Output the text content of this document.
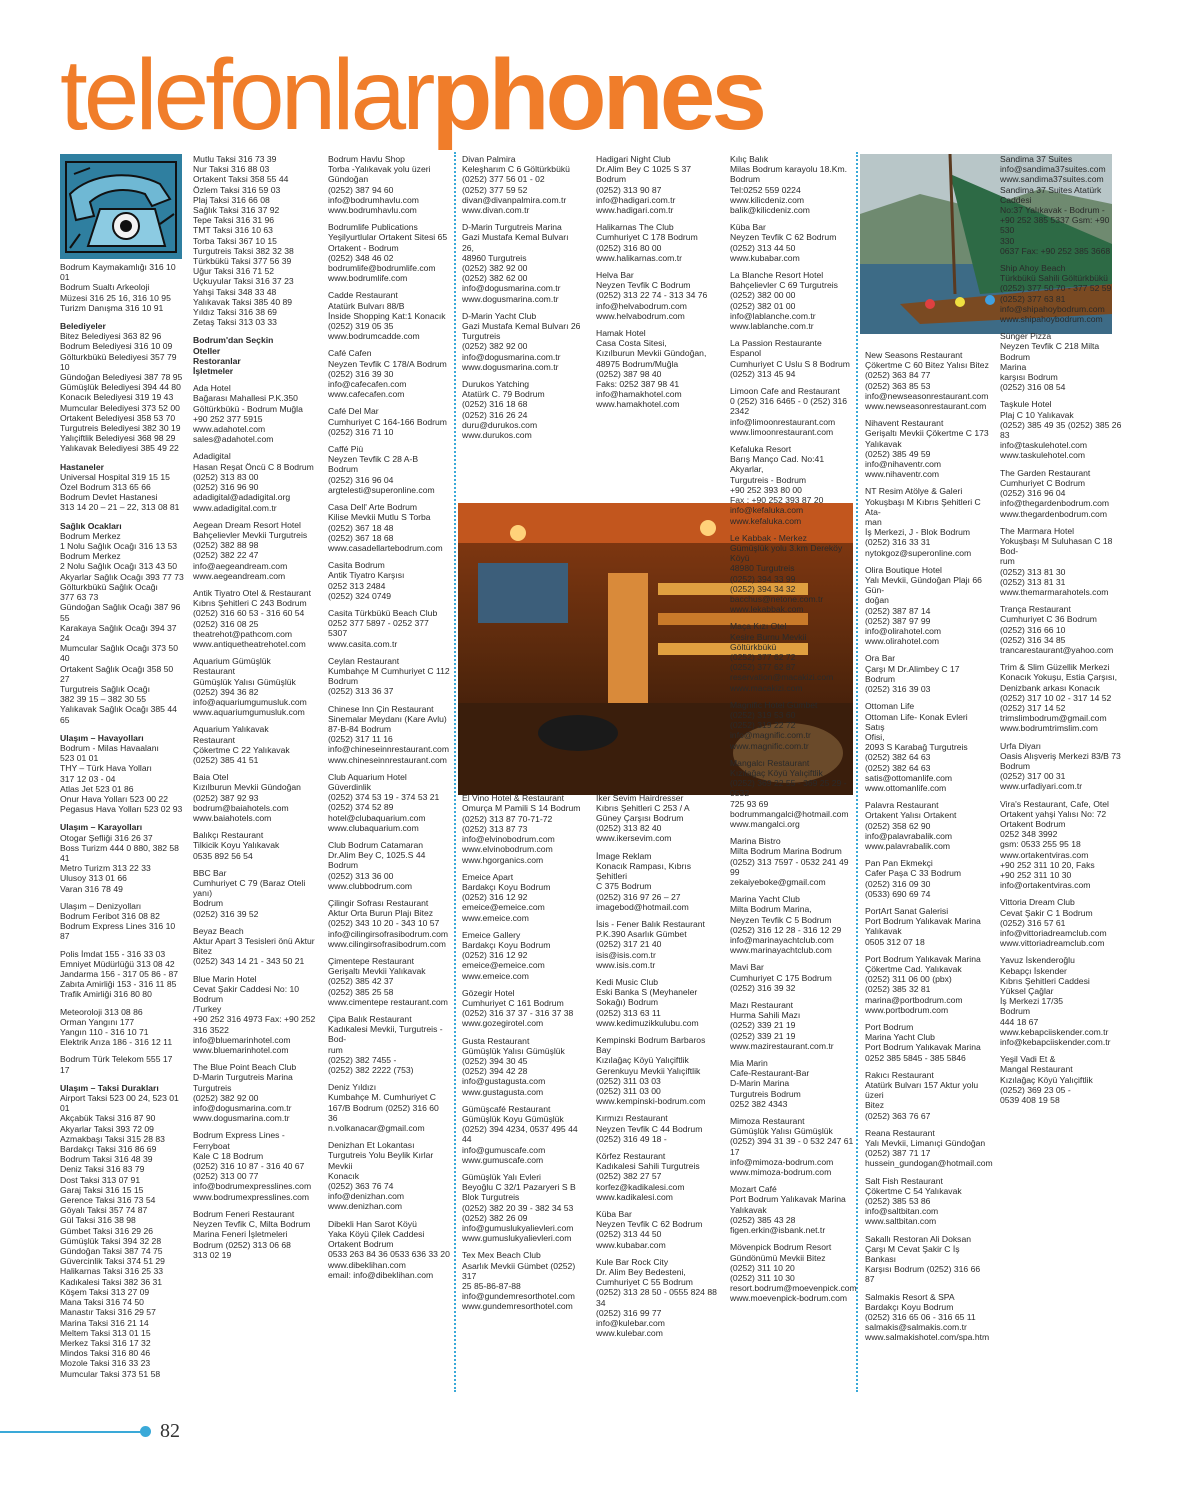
telefonlarphones
Bodrum Kaymakamlığı 316 10 01
Bodrum Sualtı Arkeoloji
Müzesi 316 25 16, 316 10 95
Turizm Danışma 316 10 91
Belediyeler
Bitez Belediyesi 363 82 96
Bodrum Belediyesi 316 10 09
Gölturkbükü Belediyesi 357 79 10
Gündoğan Belediyesi 387 78 95
Gümüşlük Belediyesi 394 44 80
Konacık Belediyesi 319 19 43
Mumcular Belediyesi 373 52 00
Ortakent Belediyesi 358 53 70
Turgutreis Belediyesi 382 30 19
Yalıçiftlik Belediyesi 368 98 29
Yalıkavak Belediyesi 385 49 22
Hastaneler
Universal Hospital 319 15 15
Özel Bodrum 313 65 66
Bodrum Devlet Hastanesi
313 14 20 – 21 – 22, 313 08 81
Sağlık Ocakları
Bodrum Merkez
1 Nolu Sağlık Ocağı 316 13 53
Bodrum Merkez
2 Nolu Sağlık Ocağı 313 43 50
Akyarlar Sağlık Ocağı 393 77 73
Gölturkbükü Sağlık Ocağı
377 63 73
Gündoğan Sağlık Ocağı 387 96 55
Karakaya Sağlık Ocağı 394 37 24
Mumcular Sağlık Ocağı 373 50 40
Ortakent Sağlık Ocağı 358 50 27
Turgutreis Sağlık Ocağı
382 39 15 – 382 30 55
Yalıkavak Sağlık Ocağı 385 44 65
Ulaşım – Havayolları
Bodrum - Milas Havaalanı
523 01 01
THY – Türk Hava Yolları
317 12 03 - 04
Atlas Jet 523 01 86
Onur Hava Yolları 523 00 22
Pegasus Hava Yolları 523 02 93
Ulaşım – Karayolları
Otogar Şefliği 316 26 37
Boss Turizm 444 0 880, 382 58 41
Metro Turizm 313 22 33
Ulusoy 313 01 66
Varan 316 78 49
Ulaşım – Denizyolları
Bodrum Feribot 316 08 82
Bodrum Express Lines 316 10 87
Polis İmdat 155 - 316 33 03
Emniyet Müdürlüğü 313 08 42
Jandarma 156 - 317 05 86 - 87
Zabıta Amirliği 153 - 316 11 85
Trafik Amirliği 316 80 80
Meteoroloji 313 08 86
Orman Yangını 177
Yangın 110 - 316 10 71
Elektrik Arıza 186 - 316 12 11
Bodrum Türk Telekom 555 17 17
Ulaşım – Taksi Durakları
Airport Taksi 523 00 24, 523 01 01
Akçabük Taksi 316 87 90
Akyarlar Taksi 393 72 09
Azmakbaşı Taksi 315 28 83
Bardakçı Taksi 316 86 69
Bodrum Taksi 316 48 39
Deniz Taksi 316 83 79
Dost Taksi 313 07 91
Garaj Taksi 316 15 15
Gerence Taksi 316 73 54
Göyalı Taksi 357 74 87
Gül Taksi 316 38 98
Gümbet Taksi 316 29 26
Gümüşlük Taksi 394 32 28
Gündoğan Taksi 387 74 75
Güvercinlik Taksi 374 51 29
Halikarnas Taksi 316 25 33
Kadıkalesi Taksi 382 36 31
Köşem Taksi 313 27 09
Mana Taksi 316 74 50
Manastır Taksi 316 29 57
Marina Taksi 316 21 14
Meltem Taksi 313 01 15
Merkez Taksi 316 17 32
Mindos Taksi 316 80 46
Mozole Taksi 316 33 23
Mumcular Taksi 373 51 58
Mutlu Taksi 316 73 39
Nur Taksi 316 88 03
Ortakent Taksi 358 55 44
Özlem Taksi 316 59 03
Plaj Taksi 316 66 08
Sağlık Taksi 316 37 92
Tepe Taksi 316 31 96
TMT Taksi 316 10 63
Torba Taksi 367 10 15
Turgutreis Taksi 382 32 38
Türkbükü Taksi 377 56 39
Uğur Taksi 316 71 52
Uçkuyular Taksi 316 37 23
Yahşi Taksi 348 33 48
Yalıkavak Taksi 385 40 89
Yıldız Taksi 316 38 69
Zetaş Taksi 313 03 33
Bodrum'dan Seçkin
Oteller
Restoranlar
İşletmeler
Ada Hotel
Bağarası Mahallesi P.K.350
Göltürkbükü - Bodrum Muğla
+90 252 377 5915
www.adahotel.com
sales@adahotel.com
Adadigital
Hasan Reşat Öncü C 8 Bodrum
(0252) 313 83 00
(0252) 316 96 90
adadigital@adadigital.org
www.adadigital.com.tr
Aegean Dream Resort Hotel
Bahçelievler Mevkii Turgutreis
(0252) 382 88 98
(0252) 382 22 47
info@aegeandream.com
www.aegeandream.com
Antik Tiyatro Otel & Restaurant
Kıbrıs Şehitleri C 243 Bodrum
(0252) 316 60 53 - 316 60 54
(0252) 316 08 25
theatrehot@pathcom.com
www.antiquetheatrehotel.com
Aquarium Gümüşlük
Restaurant
Gümüşlük Yalısı Gümüşlük
(0252) 394 36 82
info@aquariumgumusluk.com
www.aquariumgumusluk.com
Aquarium Yalıkavak
Restaurant
Çökertme C 22 Yalıkavak
(0252) 385 41 51
Baia Otel
Kızılburun Mevkii Gündoğan
(0252) 387 92 93
bodrum@baiahotels.com
www.baiahotels.com
Balıkçı Restaurant
Tilkicik Koyu Yalıkavak
0535 892 56 54
BBC Bar
Cumhuriyet C 79 (Baraz Oteli yanı)
Bodrum
(0252) 316 39 52
Beyaz Beach
Aktur Apart 3 Tesisleri önü Aktur
Bitez
(0252) 343 14 21 - 343 50 21
Blue Marin Hotel
Cevat Şakir Caddesi No: 10 Bodrum
/Turkey
+90 252 316 4973 Fax: +90 252
316 3522
info@bluemarinhotel.com
www.bluemarinhotel.com
The Blue Point Beach Club
D-Marin Turgutreis Marina
Turgutreis
(0252) 382 92 00
info@dogusmarina.com.tr
www.dogusmarina.com.tr
Bodrum Express Lines -
Ferryboat
Kale C 18 Bodrum
(0252) 316 10 87 - 316 40 67
(0252) 313 00 77
info@bodrumexpresslines.com
www.bodrumexpresslines.com
Bodrum Feneri Restaurant
Neyzen Tevfik C, Milta Bodrum
Marina Feneri İşletmeleri
Bodrum (0252) 313 06 68
313 02 19
Bodrum Havlu Shop
Torba -Yalıkavak yolu üzeri
Gündoğan
(0252) 387 94 60
info@bodrumhavlu.com
www.bodrumhavlu.com
Bodrumlife Publications
Yeşilyurtlular Ortakent Sitesi 65
Ortakent - Bodrum
(0252) 348 46 02
bodrumlife@bodrumlife.com
www.bodrumlife.com
Cadde Restaurant
Atatürk Bulvarı 88/B
İnside Shopping Kat:1 Konacık
(0252) 319 05 35
www.bodrumcadde.com
Café Cafen
Neyzen Tevfik C 178/A Bodrum
(0252) 316 39 30
info@cafecafen.com
www.cafecafen.com
Café Del Mar
Cumhuriyet C 164-166 Bodrum
(0252) 316 71 10
Caffé Più
Neyzen Tevfik C 28 A-B Bodrum
(0252) 316 96 04
argtelesti@superonline.com
Casa Dell' Arte Bodrum
Kilise Mevkii Mutlu S Torba
(0252) 367 18 48
(0252) 367 18 68
www.casadellartebodrum.com
Casita Bodrum
Antik Tiyatro Karşısı
0252 313 2484
(0252) 324 0749
Casita Türkbükü Beach Club
0252 377 5897 - 0252 377 5307
www.casita.com.tr
Ceylan Restaurant
Kumbahçe M Cumhuriyet C 112
Bodrum
(0252) 313 36 37
Chinese Inn Çin Restaurant
Sinemalar Meydanı (Kare Avlu)
87-B-84 Bodrum
(0252) 317 11 16
info@chineseinnrestaurant.com
www.chineseinnrestaurant.com
Club Aquarium Hotel
Güverdinlik
(0252) 374 53 19 - 374 53 21
(0252) 374 52 89
hotel@clubaquarium.com
www.clubaquarium.com
Club Bodrum Catamaran
Dr.Alim Bey C, 1025.S 44
Bodrum
(0252) 313 36 00
www.clubbodrum.com
Çilingir Sofrası Restaurant
Aktur Orta Burun Plajı Bitez
(0252) 343 10 20 - 343 10 57
info@cilingirsofrasibodrum.com
www.cilingirsofrasibodrum.com
Çimentepe Restaurant
Gerişaltı Mevkii Yalıkavak
(0252) 385 42 37
(0252) 385 25 58
www.cimentepe restaurant.com
Çipa Balık Restaurant
Kadıkalesi Mevkii, Turgutreis - Bod-
rum
(0252) 382 7455 -
(0252) 382 2222 (753)
Deniz Yıldızı
Kumbahçe M. Cumhuriyet C
167/B Bodrum (0252) 316 60 36
n.volkanacar@gmail.com
Denizhan Et Lokantası
Turgutreis Yolu Beylik Kırlar Mevkii
Konacık
(0252) 363 76 74
info@denizhan.com
www.denizhan.com
Dibekli Han Sarot Köyü
Yaka Köyü Çilek Caddesi
Ortakent Bodrum
0533 263 84 36 0533 636 33 20
www.dibeklihan.com
email: info@dibeklihan.com
Divan Palmira
Keleşharım C 6 Göltürkbükü
(0252) 377 56 01 - 02
(0252) 377 59 52
divan@divanpalmira.com.tr
www.divan.com.tr
D-Marin Turgutreis Marina
Gazi Mustafa Kemal Bulvarı 26,
48960 Turgutreis
(0252) 382 92 00
(0252) 382 62 00
info@dogusmarina.com.tr
www.dogusmarina.com.tr
D-Marin Yacht Club
Gazi Mustafa Kemal Bulvarı 26
Turgutreis
(0252) 382 92 00
info@dogusmarina.com.tr
www.dogusmarina.com.tr
Durukos Yatching
Atatürk C. 79 Bodrum
(0252) 316 18 68
(0252) 316 26 24
duru@durukos.com
www.durukos.com
El Vino Hotel & Restaurant
Omurça M Pamili S 14 Bodrum
(0252) 313 87 70-71-72
(0252) 313 87 73
info@elvinobodrum.com
www.elvinobodrum.com
www.hgorganics.com
Emeice Apart
Bardakçı Koyu Bodrum
(0252) 316 12 92
emeice@emeice.com
www.emeice.com
Emeice Gallery
Bardakçı Koyu Bodrum
(0252) 316 12 92
emeice@emeice.com
www.emeice.com
Gözegir Hotel
Cumhuriyet C 161 Bodrum
(0252) 316 37 37 - 316 37 38
www.gozegirotel.com
Gusta Restaurant
Gümüşlük Yalısı Gümüşlük
(0252) 394 30 45
(0252) 394 42 28
info@gustagusta.com
www.gustagusta.com
Gümüşcafé Restaurant
Gümüşlük Koyu Gümüşlük
(0252) 394 4234, 0537 495 44 44
info@gumuscafe.com
www.gumuscafe.com
Gümüşlük Yalı Evleri
Beyoğlu C 32/1 Pazaryeri S B
Blok Turgutreis
(0252) 382 20 39 - 382 34 53
(0252) 382 26 09
info@gumuslukyalievleri.com
www.gumuslukyalievleri.com
Tex Mex Beach Club
Asarlık Mevkii Gümbet (0252) 317
25 85-86-87-88
info@gundemresorthotel.com
www.gundemresorthotel.com
Hadigari Night Club
Dr.Alim Bey C 1025 S 37
Bodrum
(0252) 313 90 87
info@hadigari.com.tr
www.hadigari.com.tr
Halikarnas The Club
Cumhuriyet C 178 Bodrum
(0252) 316 80 00
www.halikarnas.com.tr
Helva Bar
Neyzen Tevfik C Bodrum
(0252) 313 22 74 - 313 34 76
info@helvabodrum.com
www.helvabodrum.com
Hamak Hotel
Casa Costa Sitesi,
Kızılburun Mevkii Gündoğan,
48975 Bodrum/Muğla
(0252) 387 98 40
Faks: 0252 387 98 41
info@hamakhotel.com
www.hamakhotel.com
İker Sevim Hairdresser
Kıbrıs Şehitleri C 253 / A
Güney Çarşısı Bodrum
(0252) 313 82 40
www.ikersevim.com
İmage Reklam
Konacık Rampası, Kıbrıs Şehitleri
C 375 Bodrum
(0252) 316 97 26 – 27
imagebod@hotmail.com
İsis - Fener Balık Restaurant
P.K.390 Asarlık Gümbet
(0252) 317 21 40
isis@isis.com.tr
www.isis.com.tr
Kedi Music Club
Eski Banka S (Meyhaneler
Sokağı) Bodrum
(0252) 313 63 11
www.kedimuzikkulubu.com
Kempinski Bodrum Barbaros Bay
Kızılağaç Köyü Yalıçiftlik
Gerenkuyu Mevkii Yalıçiftlik
(0252) 311 03 03
(0252) 311 03 00
www.kempinski-bodrum.com
Kırmızı Restaurant
Neyzen Tevfik C 44 Bodrum
(0252) 316 49 18 -
Körfez Restaurant
Kadıkalesi Sahili Turgutreis
(0252) 382 27 57
korfez@kadikalesi.com
www.kadikalesi.com
Küba Bar
Neyzen Tevfik C 62 Bodrum
(0252) 313 44 50
www.kubabar.com
Kule Bar Rock City
Dr. Alim Bey Bedesteni,
Cumhuriyet C 55 Bodrum
(0252) 313 28 50 - 0555 824 88 34
(0252) 316 99 77
info@kulebar.com
www.kulebar.com
Kılıç Balık
Milas Bodrum karayolu 18.Km.
Bodrum
Tel:0252 559 0224
www.kilicdeniz.com
balik@kilicdeniz.com
Küba Bar
Neyzen Tevfik C 62 Bodrum
(0252) 313 44 50
www.kubabar.com
La Blanche Resort Hotel
Bahçelievler C 69 Turgutreis
(0252) 382 00 00
(0252) 382 01 00
info@lablanche.com.tr
www.lablanche.com.tr
La Passion Restaurante Espanol
Cumhuriyet C Uslu S 8 Bodrum
(0252) 313 45 94
Limoon Cafe and Restaurant
0 (252) 316 6465 - 0 (252) 316 2342
info@limoonrestaurant.com
www.limoonrestaurant.com
Kefaluka Resort
Barış Manço Cad. No:41 Akyarlar,
Turgutreis - Bodrum
+90 252 393 80 00
Fax : +90 252 393 87 20
info@kefaluka.com
www.kefaluka.com
Le Kabbak - Merkez
Gümüşlük yolu 3.km Dereköy Köyü
48980 Turgutreis
(0252) 394 33 99
(0252) 394 34 32
bacchus@netone.com.tr
www.lekabbak.com
Maça Kızı Otel
Kesire Burnu Mevkii Göltürkbükü
(0252) 377 62 72
(0252) 377 62 87
reservation@macakizi.com
www.macakizi.com
Magnific Hotel Gümbet
(0252) 319 53 60
(0252) 319 22 72
info@magnific.com.tr
www.magnific.com.tr
Mangalcı Restaurant
Kızılağaç Köyü Yalıçiftlik
(0252) 369 22 55 - 369 25 29 - 0532
725 93 69
bodrummangalci@hotmail.com
www.mangalci.org
Marina Bistro
Milta Bodrum Marina Bodrum
(0252) 313 7597 - 0532 241 49 99
zekaiyeboke@gmail.com
Marina Yacht Club
Milta Bodrum Marina,
Neyzen Tevfik C 5 Bodrum
(0252) 316 12 28 - 316 12 29
info@marinayachtclub.com
www.marinayachtclub.com
Mavi Bar
Cumhuriyet C 175 Bodrum
(0252) 316 39 32
Mazı Restaurant
Hurma Sahili Mazı
(0252) 339 21 19
(0252) 339 21 19
www.mazirestaurant.com.tr
Mia Marin
Cafe-Restaurant-Bar
D-Marin Marina
Turgutreis Bodrum
0252 382 4343
Mimoza Restaurant
Gümüşlük Yalısı Gümüşlük
(0252) 394 31 39 - 0 532 247 61 17
info@mimoza-bodrum.com
www.mimoza-bodrum.com
Mozart Café
Port Bodrum Yalıkavak Marina
Yalıkavak
(0252) 385 43 28
figen.erkin@isbank.net.tr
Mövenpick Bodrum Resort
Gündönümü Mevkii Bitez
(0252) 311 10 20
(0252) 311 10 30
resort.bodrum@moevenpick.com
www.moevenpick-bodrum.com
New Seasons Restaurant
Çökertme C 60 Bitez Yalısı Bitez
(0252) 363 84 77
(0252) 363 85 53
info@newseasonrestaurant.com
www.newseasonrestaurant.com
Nihavent Restaurant
Gerişaltı Mevkii Çökertme C 173
Yalıkavak
(0252) 385 49 59
info@nihaventr.com
www.nihaventr.com
NT Resim Atölye & Galeri
Yokuşbaşı M Kıbrıs Şehitleri C Ata-
man
İş Merkezi, J - Blok Bodrum
(0252) 316 33 31
nytokgoz@superonline.com
Olira Boutique Hotel
Yalı Mevkii, Gündoğan Plajı 66 Gün-
doğan
(0252) 387 87 14
(0252) 387 97 99
info@olirahotel.com
www.olirahotel.com
Ora Bar
Çarşı M Dr.Alimbey C 17 Bodrum
(0252) 316 39 03
Ottoman Life
Ottoman Life- Konak Evleri Satış
Ofisi,
2093 S Karabağ Turgutreis
(0252) 382 64 63
(0252) 382 64 63
satis@ottomanlife.com
www.ottomanlife.com
Palavra Restaurant
Ortakent Yalısı Ortakent
(0252) 358 62 90
info@palavrabalik.com
www.palavrabalik.com
Pan Pan Ekmekçi
Cafer Paşa C 33 Bodrum
(0252) 316 09 30
(0533) 690 69 74
PortArt Sanat Galerisi
Port Bodrum Yalıkavak Marina
Yalıkavak
0505 312 07 18
Port Bodrum Yalıkavak Marina
Çökertme Cad. Yalıkavak
(0252) 311 06 00 (pbx)
(0252) 385 32 81
marina@portbodrum.com
www.portbodrum.com
Port Bodrum
Marina Yacht Club
Port Bodrum Yalıkavak Marina
0252 385 5845 - 385 5846
Rakıcı Restaurant
Atatürk Bulvarı 157 Aktur yolu üzeri
Bitez
(0252) 363 76 67
Reana Restaurant
Yalı Mevkii, Limanıçi Gündoğan
(0252) 387 71 17
hussein_gundogan@hotmail.com
Salt Fish Restaurant
Çökertme C 54 Yalıkavak
(0252) 385 53 86
info@saltbitan.com
www.saltbitan.com
Sakallı Restoran Ali Doksan
Çarşı M Cevat Şakir C İş Bankası
Karşısı Bodrum (0252) 316 66 87
Salmakis Resort & SPA
Bardakçı Koyu Bodrum
(0252) 316 65 06 - 316 65 11
salmakis@salmakis.com.tr
www.salmakishotel.com/spa.htm
Sandima 37 Suites
info@sandima37suites.com
www.sandima37suites.com
Sandima 37 Suites Atatürk Caddesi
No:37 Yalıkavak - Bodrum -
+90 252 385 5337 Gsm: +90 530
330
0637 Fax: +90 252 385 3668
Ship Ahoy Beach
Türkbükü Sahili Göltürkbükü
(0252) 377 50 70 - 377 52 59
(0252) 377 63 81
info@shipahoybodrum.com
www.shipahoybodrum.com
Sünger Pizza
Neyzen Tevfik C 218 Milta Bodrum
Marina
karşısı Bodrum
(0252) 316 08 54
Taşkule Hotel
Plaj C 10 Yalıkavak
(0252) 385 49 35 (0252) 385 26 83
info@taskulehotel.com
www.taskulehotel.com
The Garden Restaurant
Cumhuriyet C Bodrum
(0252) 316 96 04
info@thegardenbodrum.com
www.thegardenbodrum.com
The Marmara Hotel
Yokuşbaşı M Suluhasan C 18 Bod-
rum
(0252) 313 81 30
(0252) 313 81 31
www.themarmarahotels.com
Trança Restaurant
Cumhuriyet C 36 Bodrum
(0252) 316 66 10
(0252) 316 34 85
trancarestaurant@yahoo.com
Trim & Slim Güzellik Merkezi
Konacık Yokuşu, Estia Çarşısı,
Denizbank arkası Konacık
(0252) 317 10 02 - 317 14 52
(0252) 317 14 52
trimslimbodrum@gmail.com
www.bodrumtrimslim.com
Urfa Diyarı
Oasis Alışveriş Merkezi 83/B 73
Bodrum
(0252) 317 00 31
www.urfadiyari.com.tr
Vira's Restaurant, Cafe, Otel
Ortakent yahşi Yalısı No: 72
Ortakent Bodrum
0252 348 3992
gsm: 0533 255 95 18
www.ortakentviras.com
+90 252 311 10 20, Faks
+90 252 311 10 30
info@ortakentviras.com
Vittoria Dream Club
Cevat Şakir C 1 Bodrum
(0252) 316 57 61
info@vittoriadreamclub.com
www.vittoriadreamclub.com
Yavuz İskenderoğlu
Kebapçı İskender
Kıbrıs Şehitleri Caddesi
Yüksel Çağlar
İş Merkezi 17/35
Bodrum
444 18 67
www.kebapciiskender.com.tr
info@kebapciiskender.com.tr
Yeşil Vadi Et &
Mangal Restaurant
Kızılağaç Köyü Yalıçiftlik
(0252) 369 23 05 -
0539 408 19 58
82
